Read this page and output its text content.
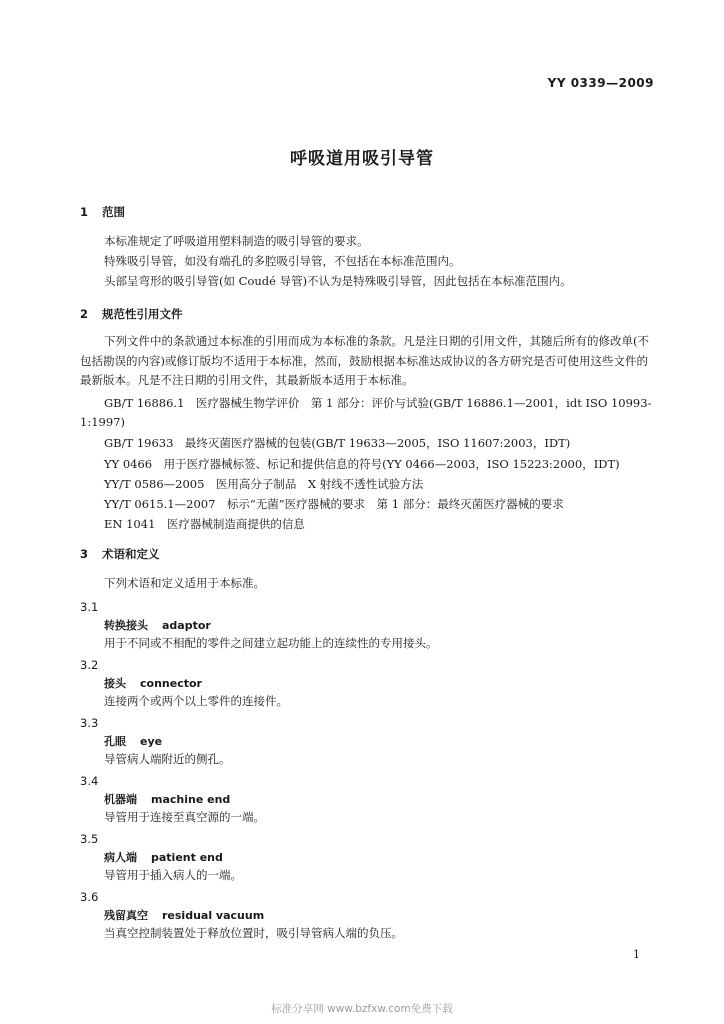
YY 0339—2009
呼吸道用吸引导管
1 范围
本标准规定了呼吸道用塑料制造的吸引导管的要求。
特殊吸引导管，如没有端孔的多腔吸引导管，不包括在本标准范围内。
头部呈弯形的吸引导管(如 Coudé 导管)不认为是特殊吸引导管，因此包括在本标准范围内。
2 规范性引用文件
下列文件中的条款通过本标准的引用而成为本标准的条款。凡是注日期的引用文件，其随后所有的修改单(不包括勘误的内容)或修订版均不适用于本标准，然而，鼓励根据本标准达成协议的各方研究是否可使用这些文件的最新版本。凡是不注日期的引用文件，其最新版本适用于本标准。
GB/T 16886.1　医疗器械生物学评价　第 1 部分：评价与试验(GB/T 16886.1—2001，idt ISO 10993-1:1997)
GB/T 19633　最终灭菌医疗器械的包装(GB/T 19633—2005，ISO 11607:2003，IDT)
YY 0466　用于医疗器械标签、标记和提供信息的符号(YY 0466—2003，ISO 15223:2000，IDT)
YY/T 0586—2005　医用高分子制品　X 射线不透性试验方法
YY/T 0615.1—2007　标示“无菌”医疗器械的要求　第 1 部分：最终灭菌医疗器械的要求
EN 1041　医疗器械制造商提供的信息
3 术语和定义
下列术语和定义适用于本标准。
3.1
转换接头 adaptor
用于不同或不相配的零件之间建立起功能上的连续性的专用接头。
3.2
接头 connector
连接两个或两个以上零件的连接件。
3.3
孔眼 eye
导管病人端附近的侧孔。
3.4
机器端 machine end
导管用于连接至真空源的一端。
3.5
病人端 patient end
导管用于插入病人的一端。
3.6
残留真空 residual vacuum
当真空控制装置处于释放位置时，吸引导管病人端的负压。
1
标准分享网 www.bzfxw.com免费下载
